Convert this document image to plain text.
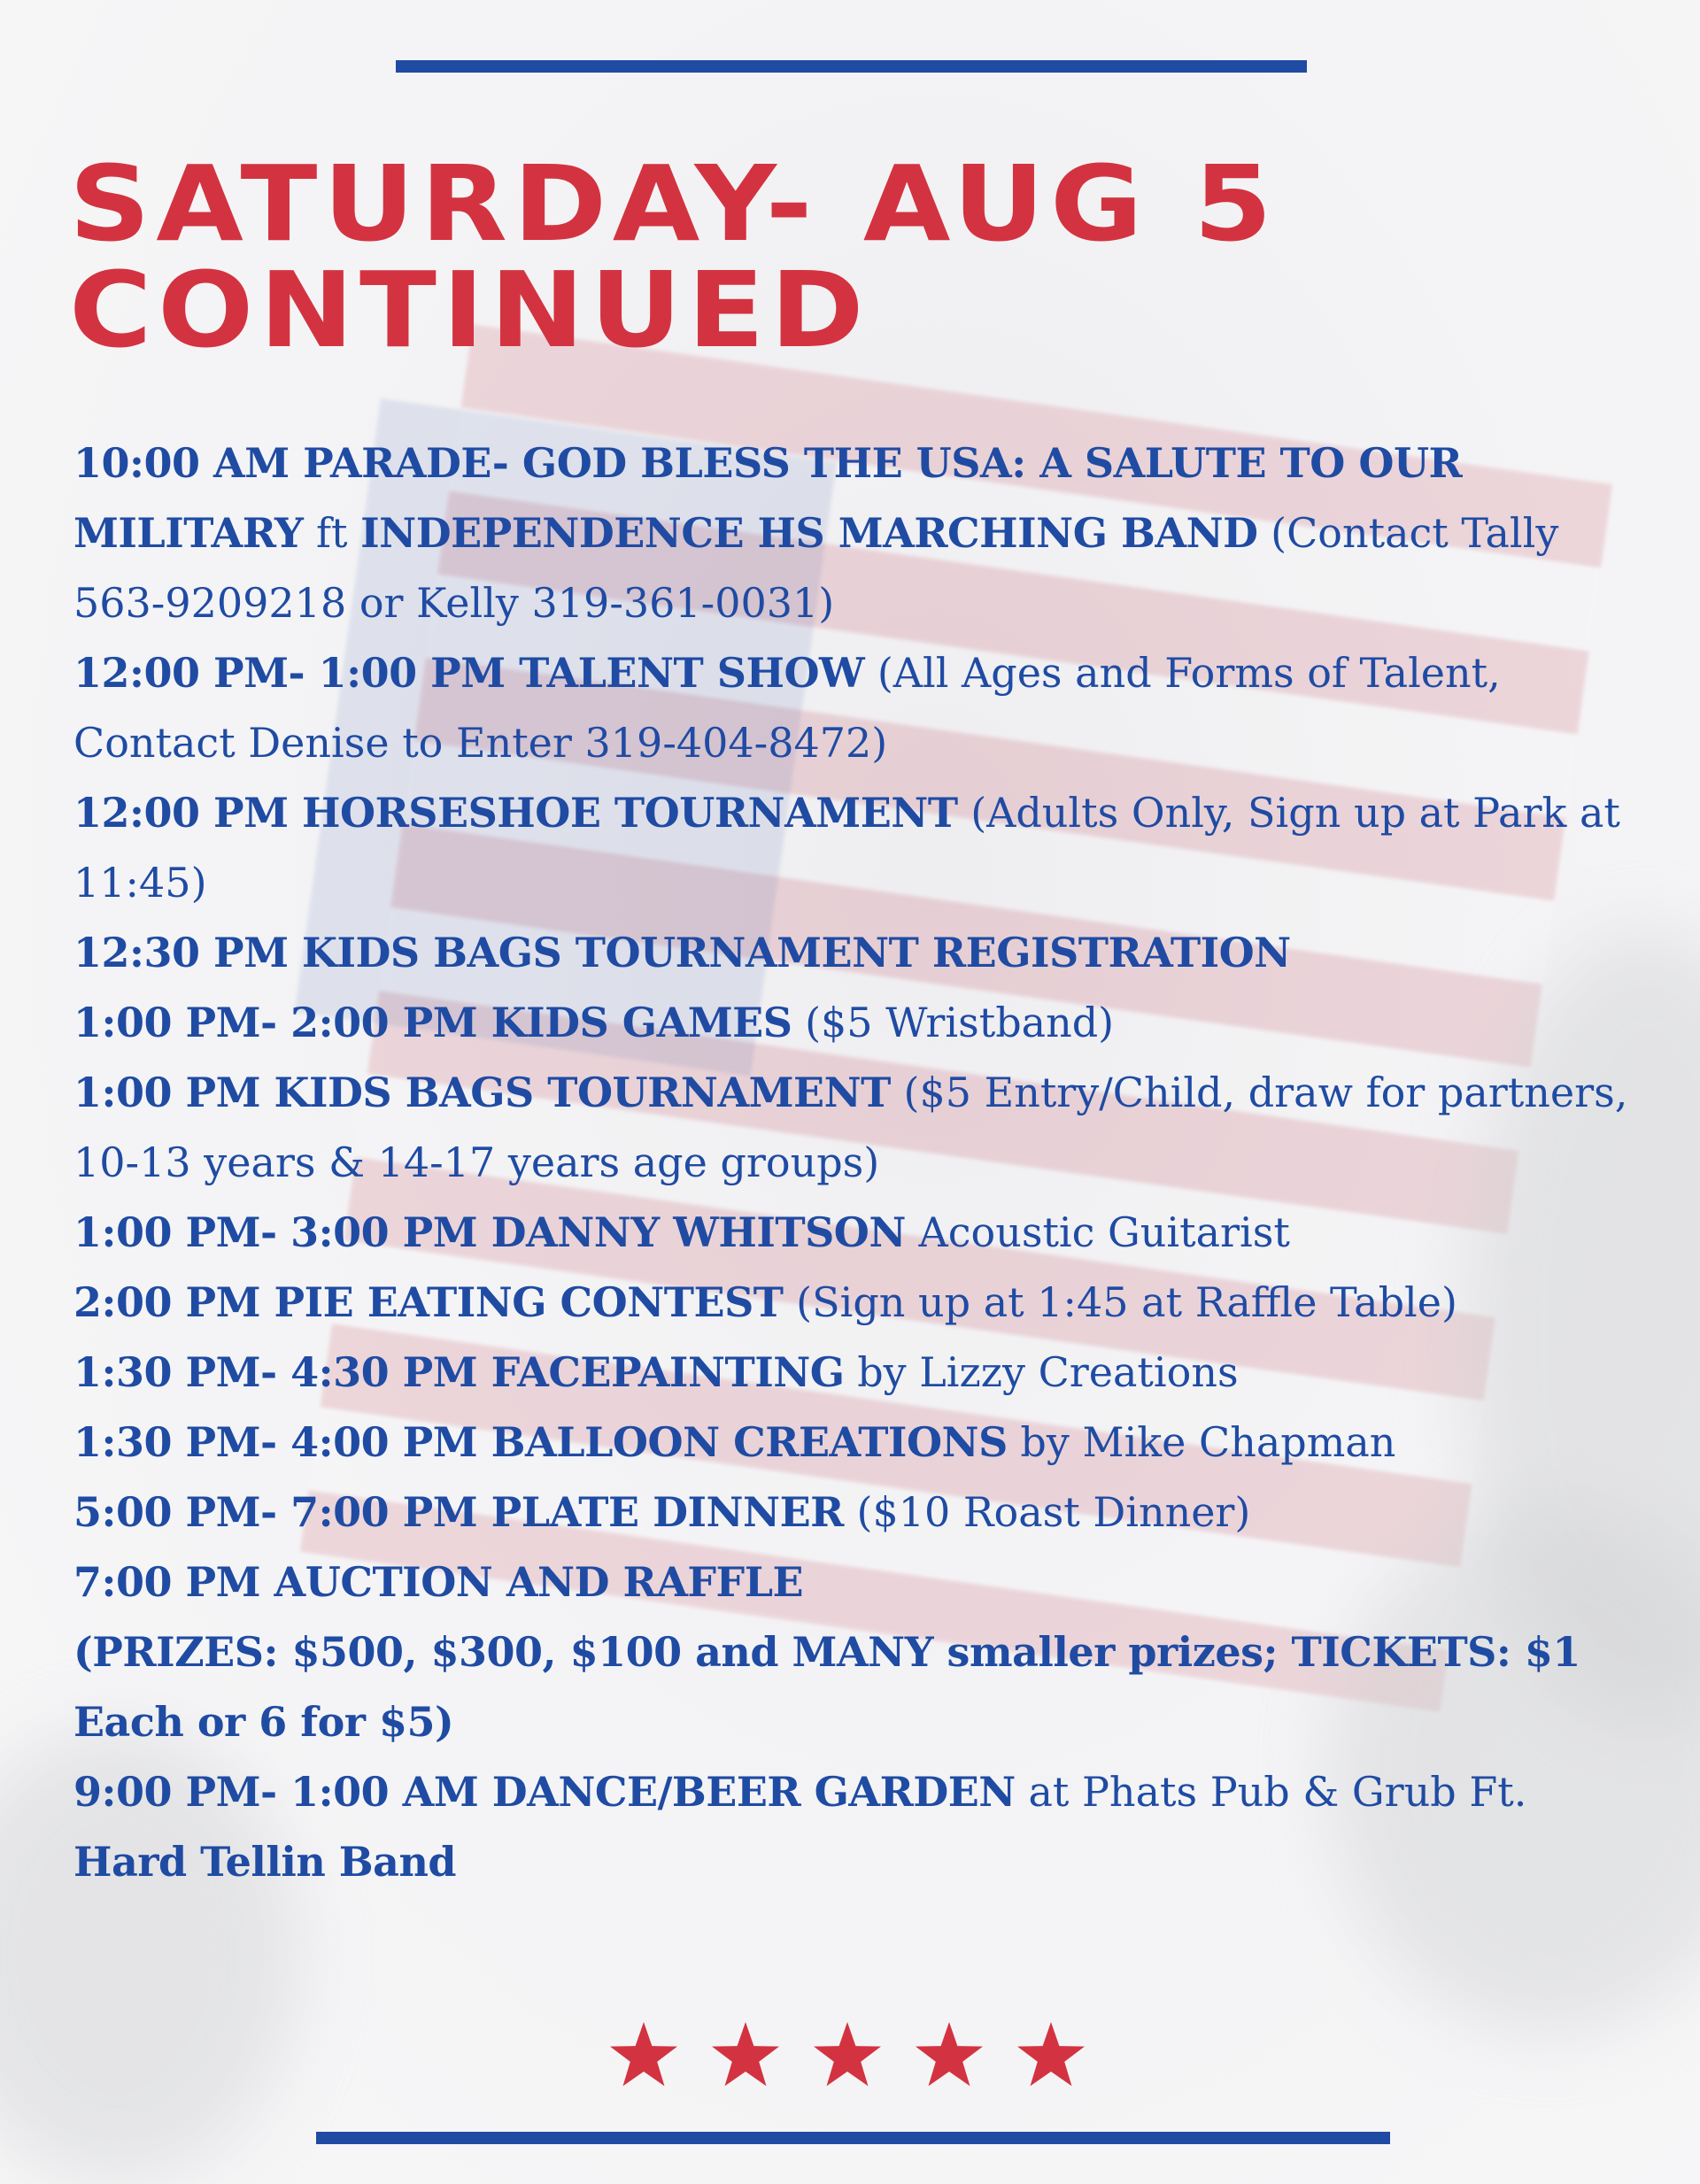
SATURDAY- AUG 5
CONTINUED

10:00 AM PARADE- GOD BLESS THE USA: A SALUTE TO OUR MILITARY ft INDEPENDENCE HS MARCHING BAND (Contact Tally 563-9209218 or Kelly 319-361-0031)

12:00 PM- 1:00 PM TALENT SHOW (All Ages and Forms of Talent, Contact Denise to Enter 319-404-8472)

12:00 PM HORSESHOE TOURNAMENT (Adults Only, Sign up at Park at 11:45)

12:30 PM KIDS BAGS TOURNAMENT REGISTRATION

1:00 PM- 2:00 PM KIDS GAMES ($5 Wristband)

1:00 PM KIDS BAGS TOURNAMENT ($5 Entry/Child, draw for partners, 10-13 years & 14-17 years age groups)

1:00 PM- 3:00 PM DANNY WHITSON Acoustic Guitarist

2:00 PM PIE EATING CONTEST (Sign up at 1:45 at Raffle Table)

1:30 PM- 4:30 PM FACEPAINTING by Lizzy Creations

1:30 PM- 4:00 PM BALLOON CREATIONS by Mike Chapman

5:00 PM- 7:00 PM PLATE DINNER ($10 Roast Dinner)

7:00 PM AUCTION AND RAFFLE

(PRIZES: $500, $300, $100 and MANY smaller prizes; TICKETS: $1 Each or 6 for $5)

9:00 PM- 1:00 AM DANCE/BEER GARDEN at Phats Pub & Grub Ft. Hard Tellin Band
